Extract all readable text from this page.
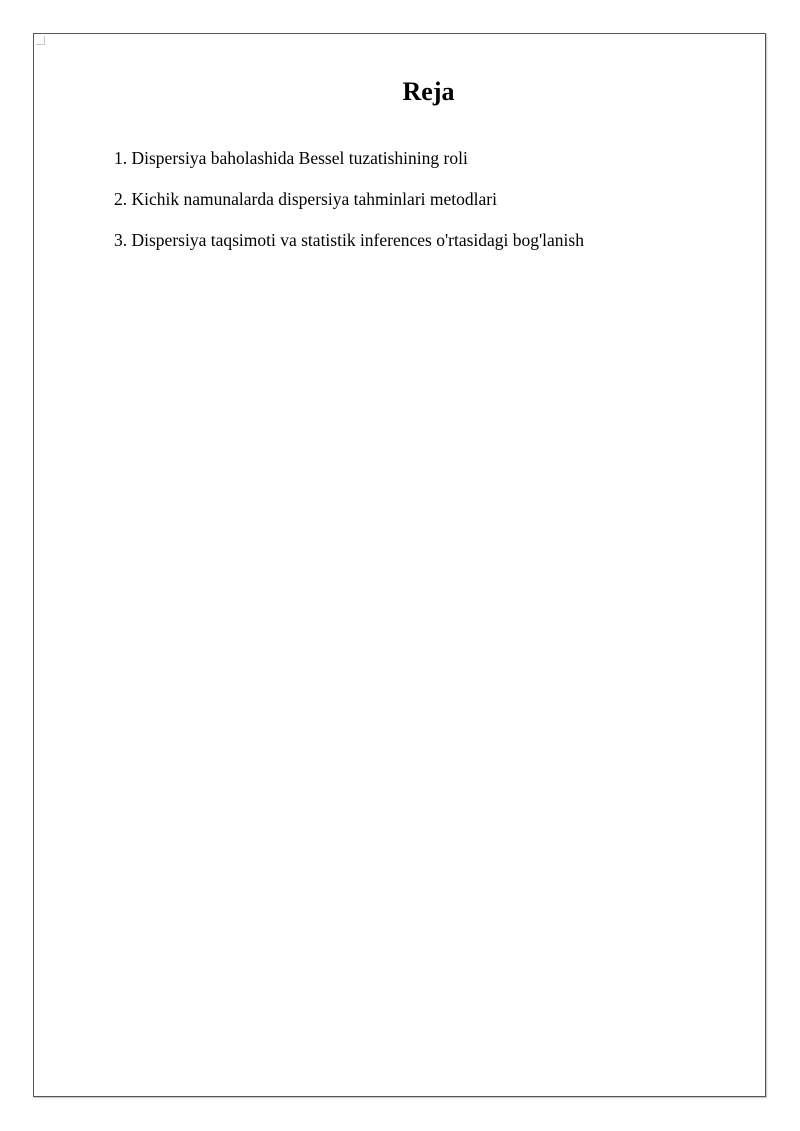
Reja
1. Dispersiya baholashida Bessel tuzatishining roli
2. Kichik namunalarda dispersiya tahminlari metodlari
3. Dispersiya taqsimoti va statistik inferences o'rtasidagi bog'lanish
